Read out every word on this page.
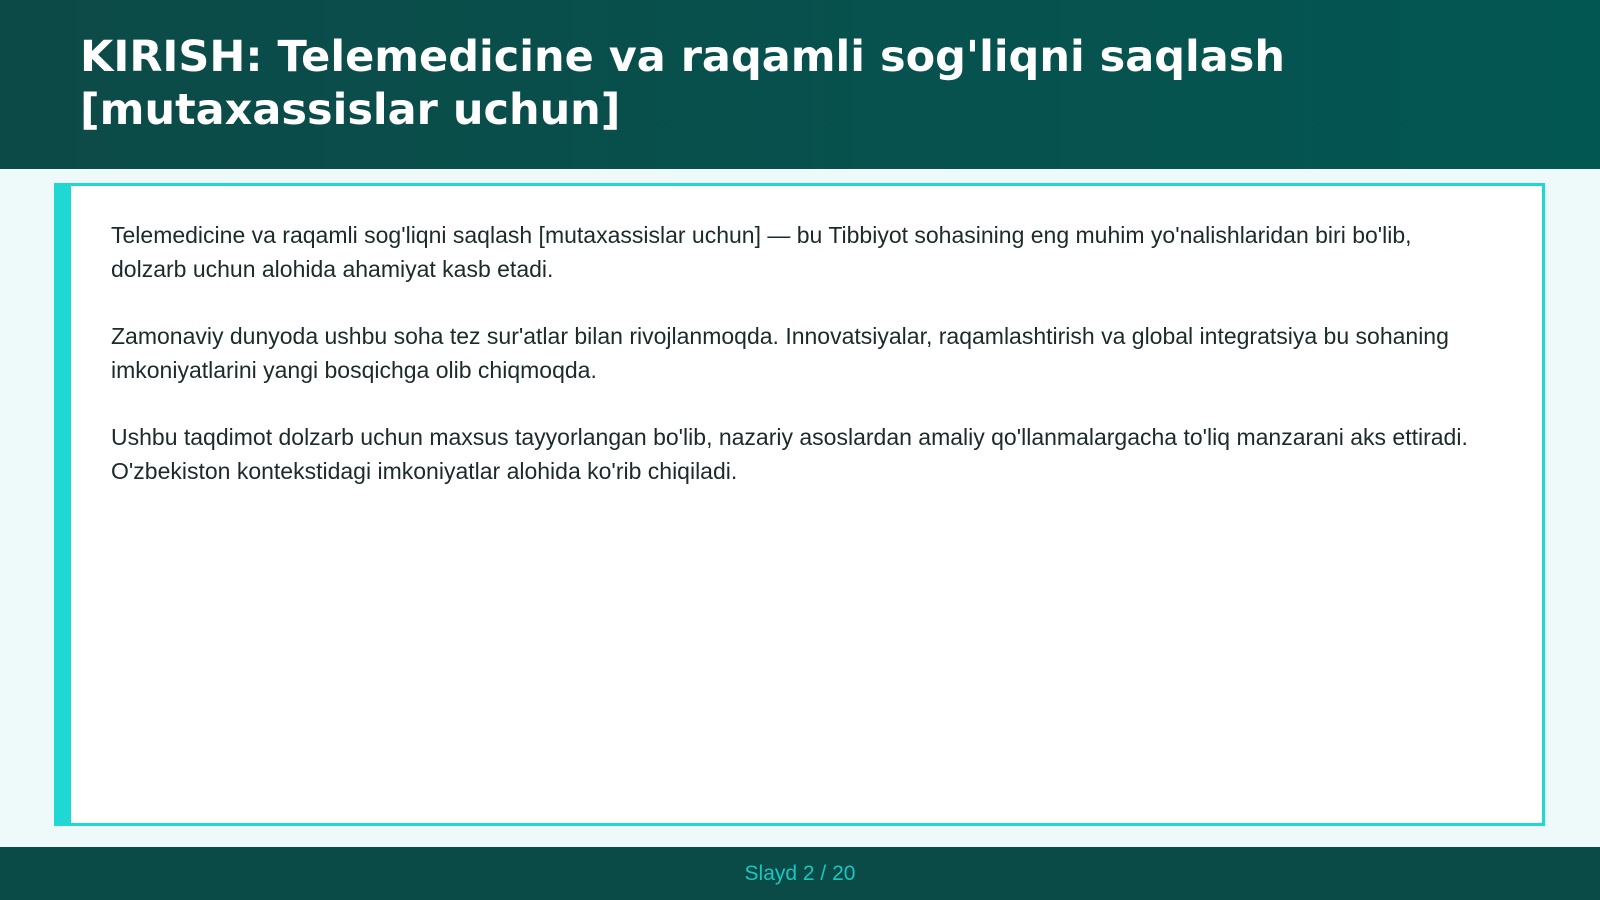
KIRISH: Telemedicine va raqamli sog'liqni saqlash [mutaxassislar uchun]

Telemedicine va raqamli sog'liqni saqlash [mutaxassislar uchun] — bu Tibbiyot sohasining eng muhim yo'nalishlaridan biri bo'lib, dolzarb uchun alohida ahamiyat kasb etadi.

Zamonaviy dunyoda ushbu soha tez sur'atlar bilan rivojlanmoqda. Innovatsiyalar, raqamlashtirish va global integratsiya bu sohaning imkoniyatlarini yangi bosqichga olib chiqmoqda.

Ushbu taqdimot dolzarb uchun maxsus tayyorlangan bo'lib, nazariy asoslardan amaliy qo'llanmalargacha to'liq manzarani aks ettiradi. O'zbekiston kontekstidagi imkoniyatlar alohida ko'rib chiqiladi.

Slayd 2 / 20
